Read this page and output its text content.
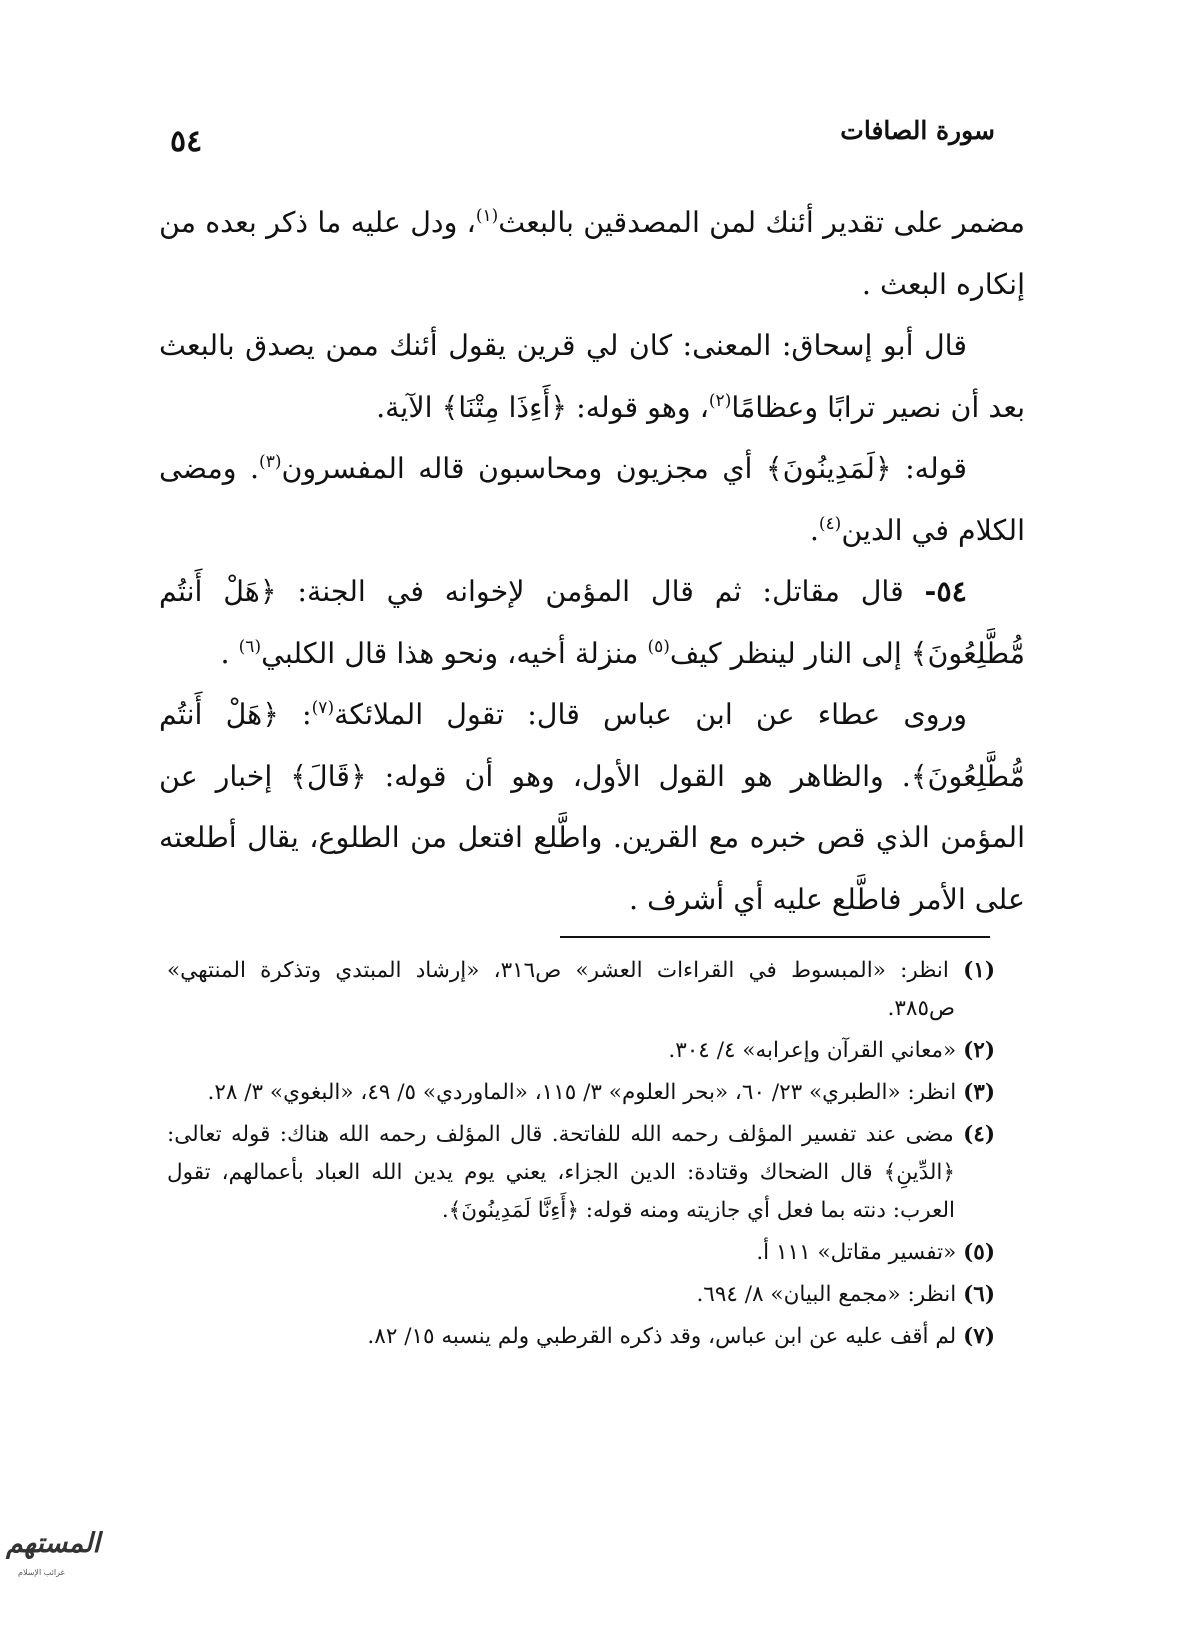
سورة الصافات
٥٤

مضمر على تقدير أئنك لمن المصدقين بالبعث$^{(١)}$، ودل عليه ما ذكر بعده من إنكاره البعث .

قال أبو إسحاق: المعنى: كان لي قرين يقول أئنك ممن يصدق بالبعث بعد أن نصير ترابًا وعظامًا$^{(٢)}$، وهو قوله: ﴿أَءِذَا مِتْنَا﴾ الآية.

قوله: ﴿لَمَدِينُونَ﴾ أي مجزيون ومحاسبون قاله المفسرون$^{(٣)}$. ومضى الكلام في الدين$^{(٤)}$.

٥٤- قال مقاتل: ثم قال المؤمن لإخوانه في الجنة: ﴿هَلْ أَنتُم مُّطَّلِعُونَ﴾ إلى النار لينظر كيف$^{(٥)}$ منزلة أخيه، ونحو هذا قال الكلبي$^{(٦)}$ .

وروى عطاء عن ابن عباس قال: تقول الملائكة$^{(٧)}$: ﴿هَلْ أَنتُم مُّطَّلِعُونَ﴾. والظاهر هو القول الأول، وهو أن قوله: ﴿قَالَ﴾ إخبار عن المؤمن الذي قص خبره مع القرين. واطَّلع افتعل من الطلوع، يقال أطلعته على الأمر فاطَّلع عليه أي أشرف .

(١) انظر: «المبسوط في القراءات العشر» ص٣١٦، «إرشاد المبتدي وتذكرة المنتهي» ص٣٨٥.

(٢) «معاني القرآن وإعرابه» ٤/ ٣٠٤.

(٣) انظر: «الطبري» ٢٣/ ٦٠، «بحر العلوم» ٣/ ١١٥، «الماوردي» ٥/ ٤٩، «البغوي» ٣/ ٢٨.

(٤) مضى عند تفسير المؤلف رحمه الله للفاتحة. قال المؤلف رحمه الله هناك: قوله تعالى: ﴿الدِّينِ﴾ قال الضحاك وقتادة: الدين الجزاء، يعني يوم يدين الله العباد بأعمالهم، تقول العرب: دنته بما فعل أي جازيته ومنه قوله: ﴿أَءِنَّا لَمَدِينُونَ﴾.

(٥) «تفسير مقاتل» ١١١ أ.

(٦) انظر: «مجمع البيان» ٨/ ٦٩٤.

(٧) لم أقف عليه عن ابن عباس، وقد ذكره القرطبي ولم ينسبه ١٥/ ٨٢.

المستهم
غرائب الإسلام
